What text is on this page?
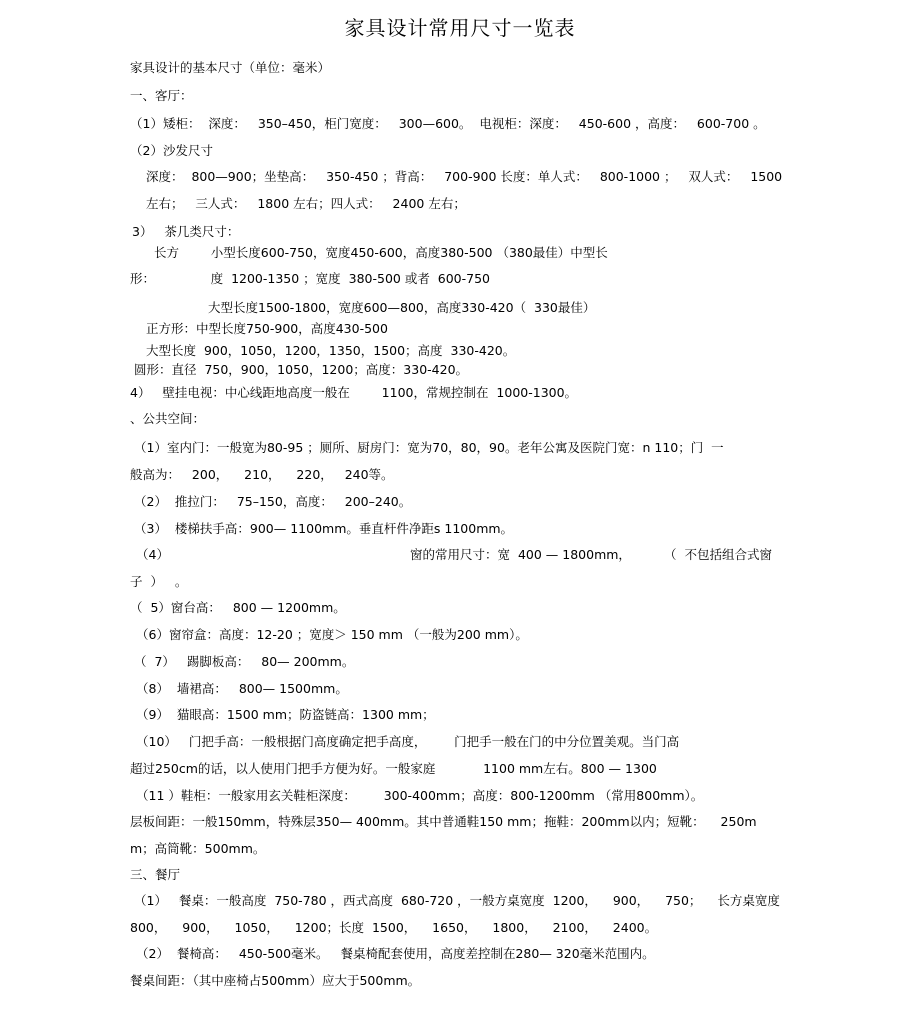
家具设计常用尺寸一览表
家具设计的基本尺寸（单位：毫米）
一、客厅：
（1）矮柜：  深度：   350–450，柜门宽度：   300—600。  电视柜：深度：   450-600 ，高度：   600-700 。
（2）沙发尺寸
深度：  800—900；坐垫高：   350-450 ；背高：   700-900 长度：单人式：   800-1000 ；   双人式：   1500
左右；   三人式：   1800 左右；四人式：   2400 左右；
3）   茶几类尺寸：
长方        小型长度600-750，宽度450-600，高度380-500 （380最佳）中型长
形：              度  1200-1350 ；宽度  380-500 或者  600-750
大型长度1500-1800，宽度600—800，高度330-420（  330最佳）
正方形：中型长度750-900，高度430-500
大型长度  900，1050，1200，1350，1500；高度  330-420。
圆形：直径  750，900，1050，1200；高度：330-420。
4）   壁挂电视：中心线距地高度一般在        1100，常规控制在  1000-1300。
、公共空间：
（1）室内门：一般宽为80-95 ；厕所、厨房门：宽为70，80，90。老年公寓及医院门宽：n 110；门  一
般高为：   200，    210，    220，   240等。
（2）  推拉门：   75–150，高度：   200–240。
（3）  楼梯扶手高：900— 1100mm。垂直杆件净距s 1100mm。
（4）	窗的常用尺寸：宽  400 — 1800mm，	（  不包括组合式窗
子  ）   。
（  5）窗台高：   800 — 1200mm。
（6）窗帘盒：高度：12-20 ；宽度＞ 150 mm （一般为200 mm）。
（  7）   踢脚板高：   80— 200mm。
（8）  墙裙高：   800— 1500mm。
（9）  猫眼高：1500 mm；防盗链高：1300 mm；
（10）   门把手高：一般根据门高度确定把手高度，       门把手一般在门的中分位置美观。当门高
超过250cm的话，以人使用门把手方便为好。一般家庭            1100 mm左右。800 — 1300
（11 ）鞋柜：一般家用玄关鞋柜深度：       300-400mm；高度：800-1200mm （常用800mm）。
层板间距：一般150mm，特殊层350— 400mm。其中普通鞋150 mm；拖鞋：200mm以内；短靴：    250m
m；高筒靴：500mm。
三、餐厅
（1）   餐桌：一般高度  750-780 ，西式高度  680-720 ，一般方桌宽度  1200，    900，    750；    长方桌宽度
800，    900，    1050，    1200；长度  1500，    1650，    1800，    2100，    2400。
（2）  餐椅高：   450-500毫米。   餐桌椅配套使用，高度差控制在280— 320毫米范围内。
餐桌间距：（其中座椅占500mm）应大于500mm。
